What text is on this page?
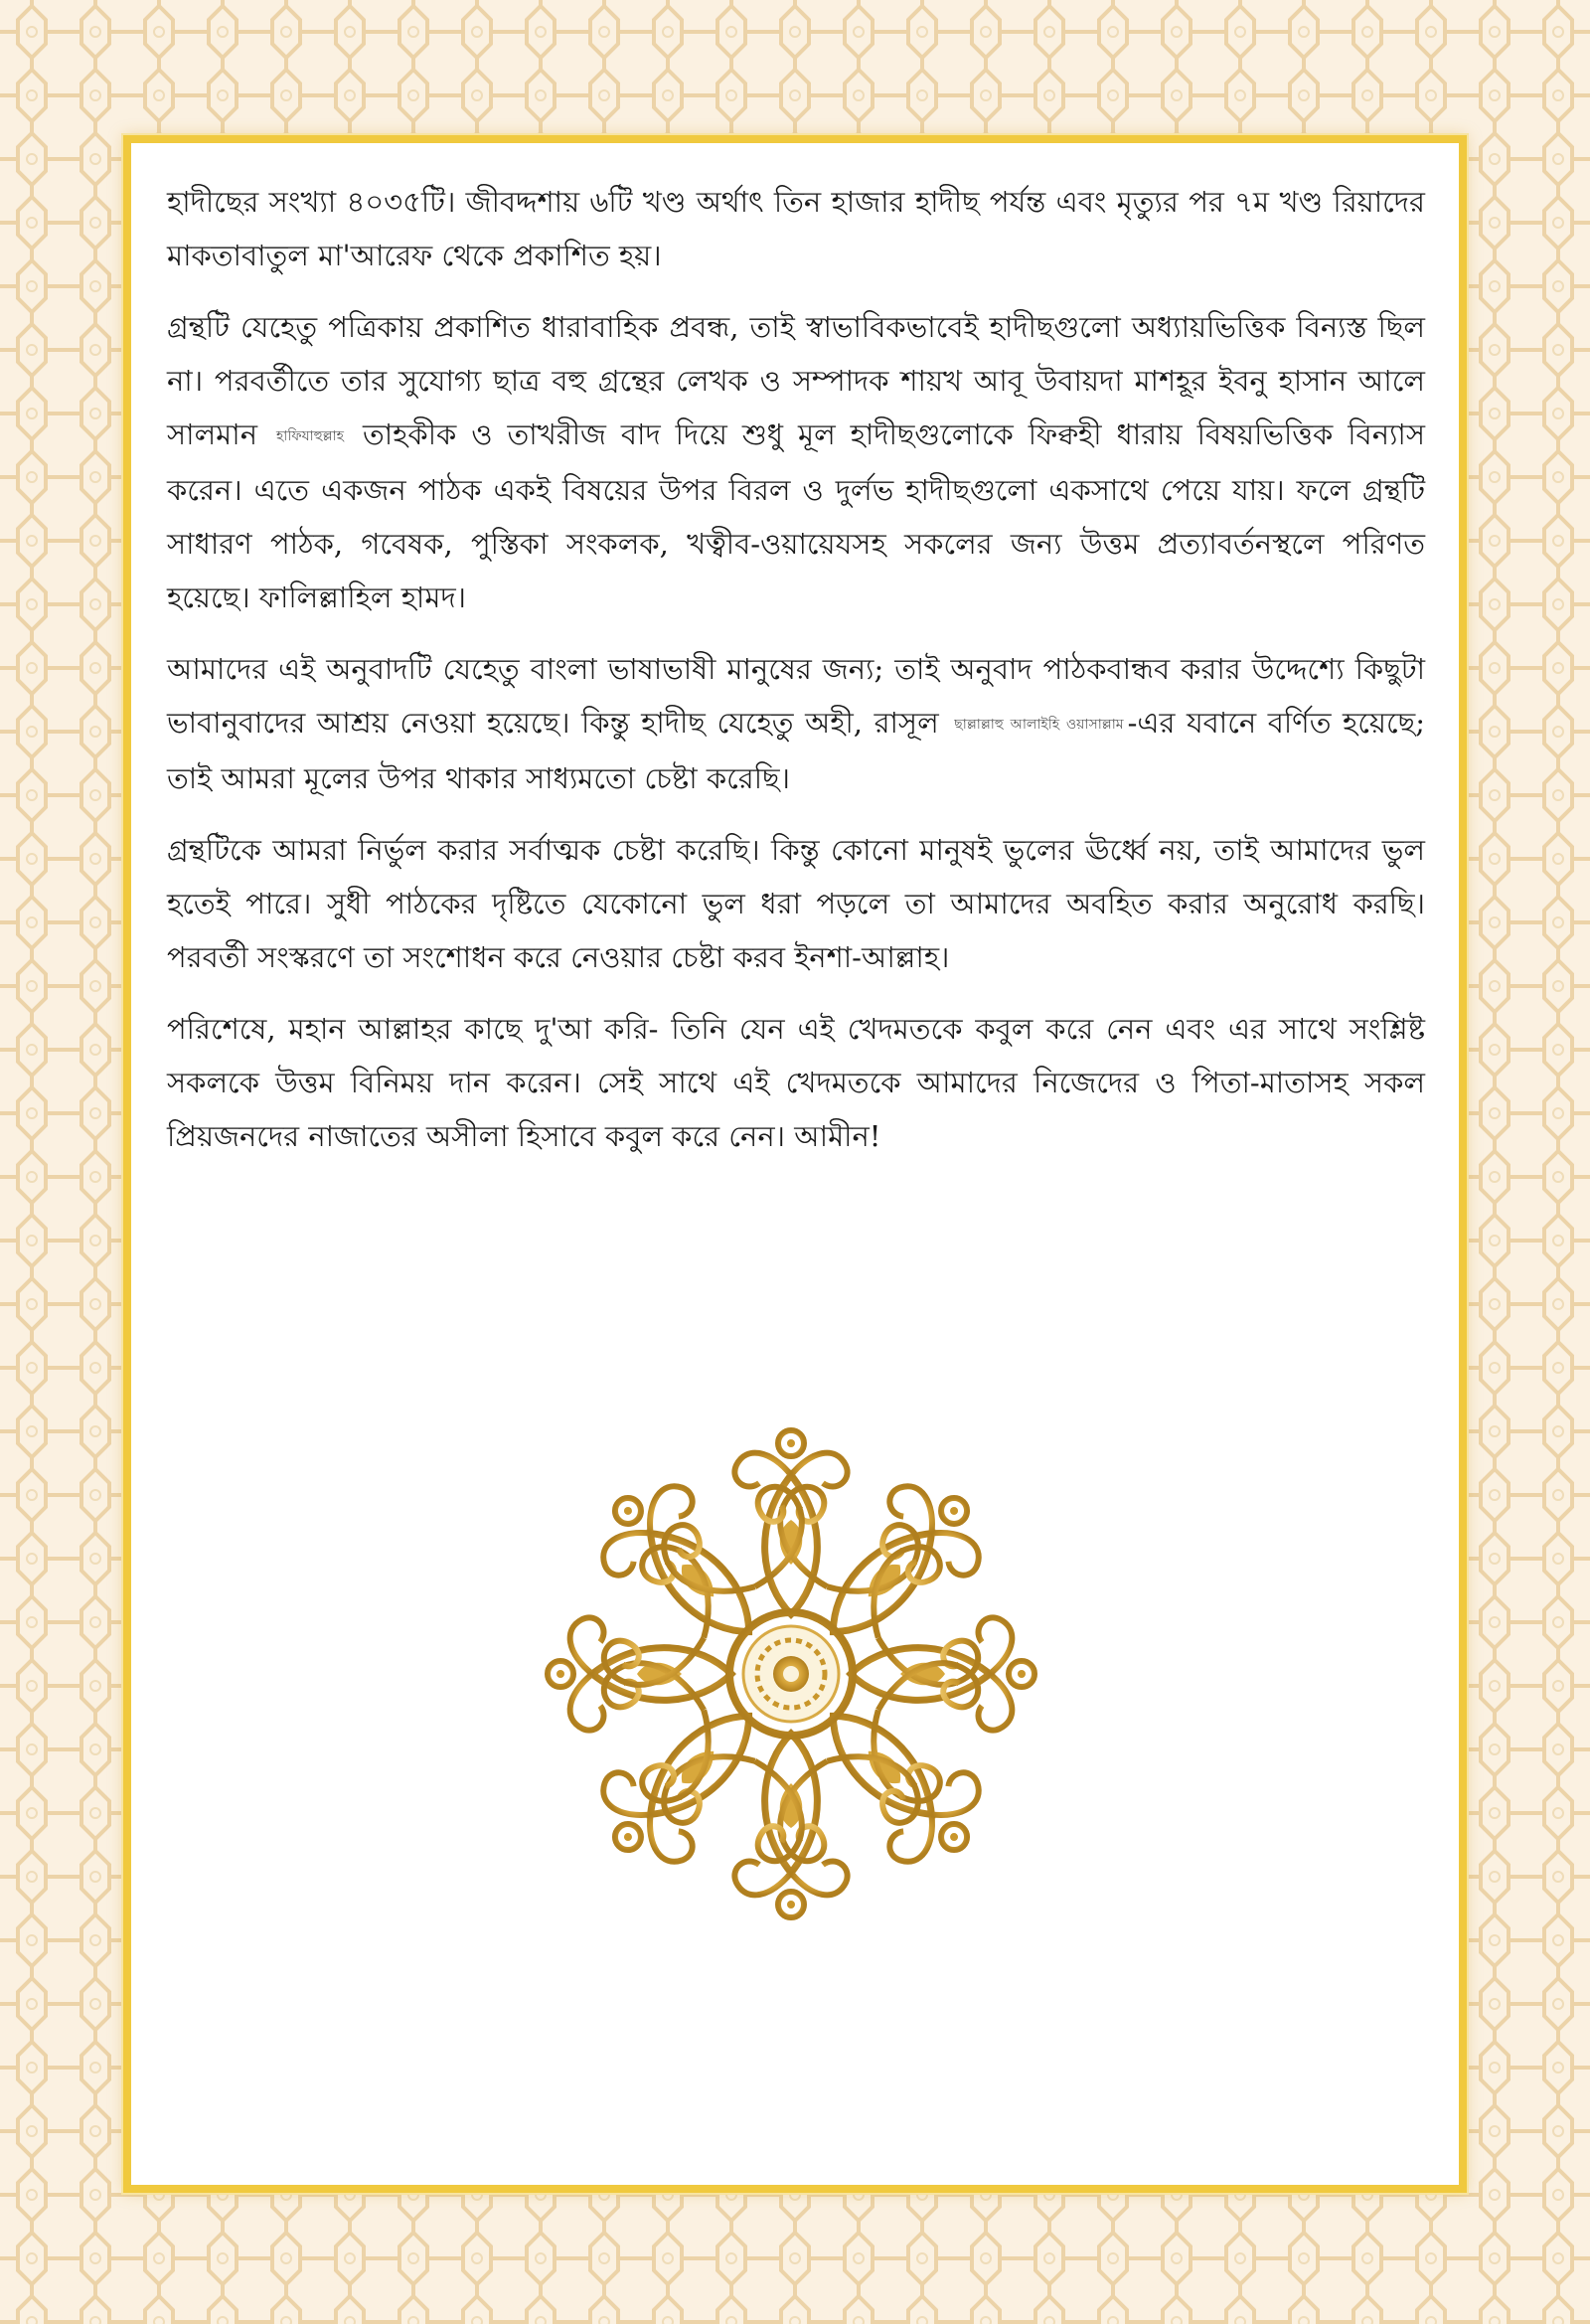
হাদীছের সংখ্যা ৪০৩৫টি। জীবদ্দশায় ৬টি খণ্ড অর্থাৎ তিন হাজার হাদীছ পর্যন্ত এবং মৃত্যুর পর ৭ম খণ্ড রিয়াদের মাকতাবাতুল মা'আরেফ থেকে প্রকাশিত হয়।

গ্রন্থটি যেহেতু পত্রিকায় প্রকাশিত ধারাবাহিক প্রবন্ধ, তাই স্বাভাবিকভাবেই হাদীছগুলো অধ্যায়ভিত্তিক বিন্যস্ত ছিল না। পরবর্তীতে তার সুযোগ্য ছাত্র বহু গ্রন্থের লেখক ও সম্পাদক শায়খ আবূ উবায়দা মাশহূর ইবনু হাসান আলে সালমান হাফিযাহুল্লাহ তাহকীক ও তাখরীজ বাদ দিয়ে শুধু মূল হাদীছগুলোকে ফিক্বহী ধারায় বিষয়ভিত্তিক বিন্যাস করেন। এতে একজন পাঠক একই বিষয়ের উপর বিরল ও দুর্লভ হাদীছগুলো একসাথে পেয়ে যায়। ফলে গ্রন্থটি সাধারণ পাঠক, গবেষক, পুস্তিকা সংকলক, খত্বীব-ওয়ায়েযসহ সকলের জন্য উত্তম প্রত্যাবর্তনস্থলে পরিণত হয়েছে। ফালিল্লাহিল হামদ।

আমাদের এই অনুবাদটি যেহেতু বাংলা ভাষাভাষী মানুষের জন্য; তাই অনুবাদ পাঠকবান্ধব করার উদ্দেশ্যে কিছুটা ভাবানুবাদের আশ্রয় নেওয়া হয়েছে। কিন্তু হাদীছ যেহেতু অহী, রাসূল ছাল্লাল্লাহু আলাইহি ওয়াসাল্লাম -এর যবানে বর্ণিত হয়েছে; তাই আমরা মূলের উপর থাকার সাধ্যমতো চেষ্টা করেছি।

গ্রন্থটিকে আমরা নির্ভুল করার সর্বাত্মক চেষ্টা করেছি। কিন্তু কোনো মানুষই ভুলের ঊর্ধ্বে নয়, তাই আমাদের ভুল হতেই পারে। সুধী পাঠকের দৃষ্টিতে যেকোনো ভুল ধরা পড়লে তা আমাদের অবহিত করার অনুরোধ করছি। পরবর্তী সংস্করণে তা সংশোধন করে নেওয়ার চেষ্টা করব ইনশা-আল্লাহ।

পরিশেষে, মহান আল্লাহর কাছে দু'আ করি- তিনি যেন এই খেদমতকে কবুল করে নেন এবং এর সাথে সংশ্লিষ্ট সকলকে উত্তম বিনিময় দান করেন। সেই সাথে এই খেদমতকে আমাদের নিজেদের ও পিতা-মাতাসহ সকল প্রিয়জনদের নাজাতের অসীলা হিসাবে কবুল করে নেন। আমীন!
